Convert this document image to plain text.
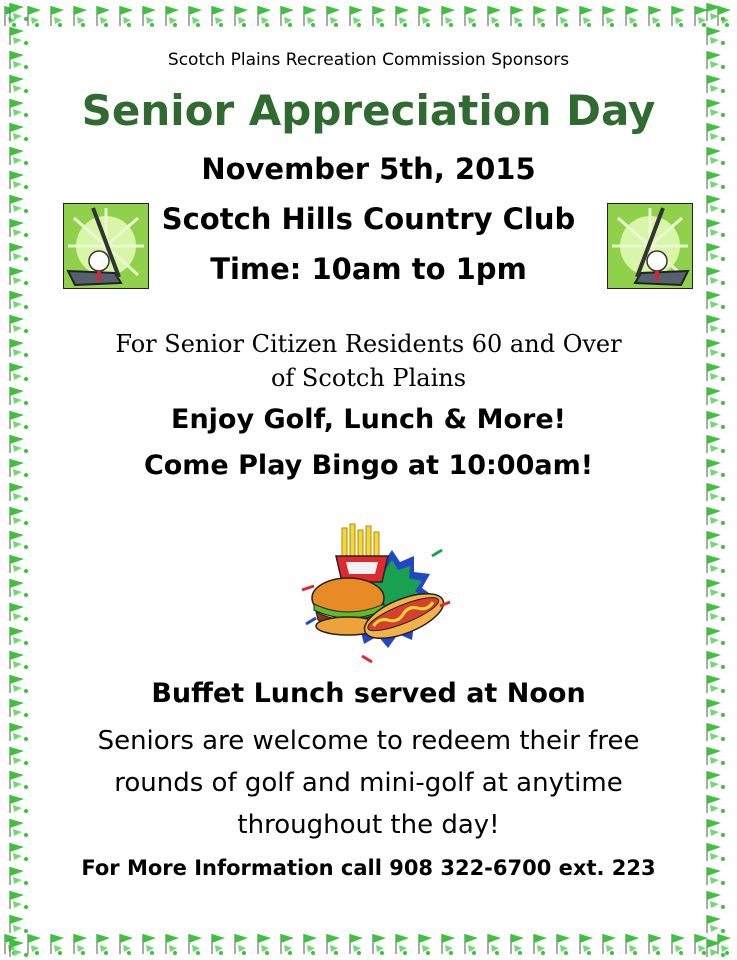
Scotch Plains Recreation Commission Sponsors
Senior Appreciation Day
November 5th, 2015
Scotch Hills Country Club
Time: 10am to 1pm
For Senior Citizen Residents 60 and Over
of Scotch Plains
Enjoy Golf, Lunch & More!
Come Play Bingo at 10:00am!
Buffet Lunch served at Noon
Seniors are welcome to redeem their free
rounds of golf and mini-golf at anytime
throughout the day!
For More Information call 908 322-6700 ext. 223
